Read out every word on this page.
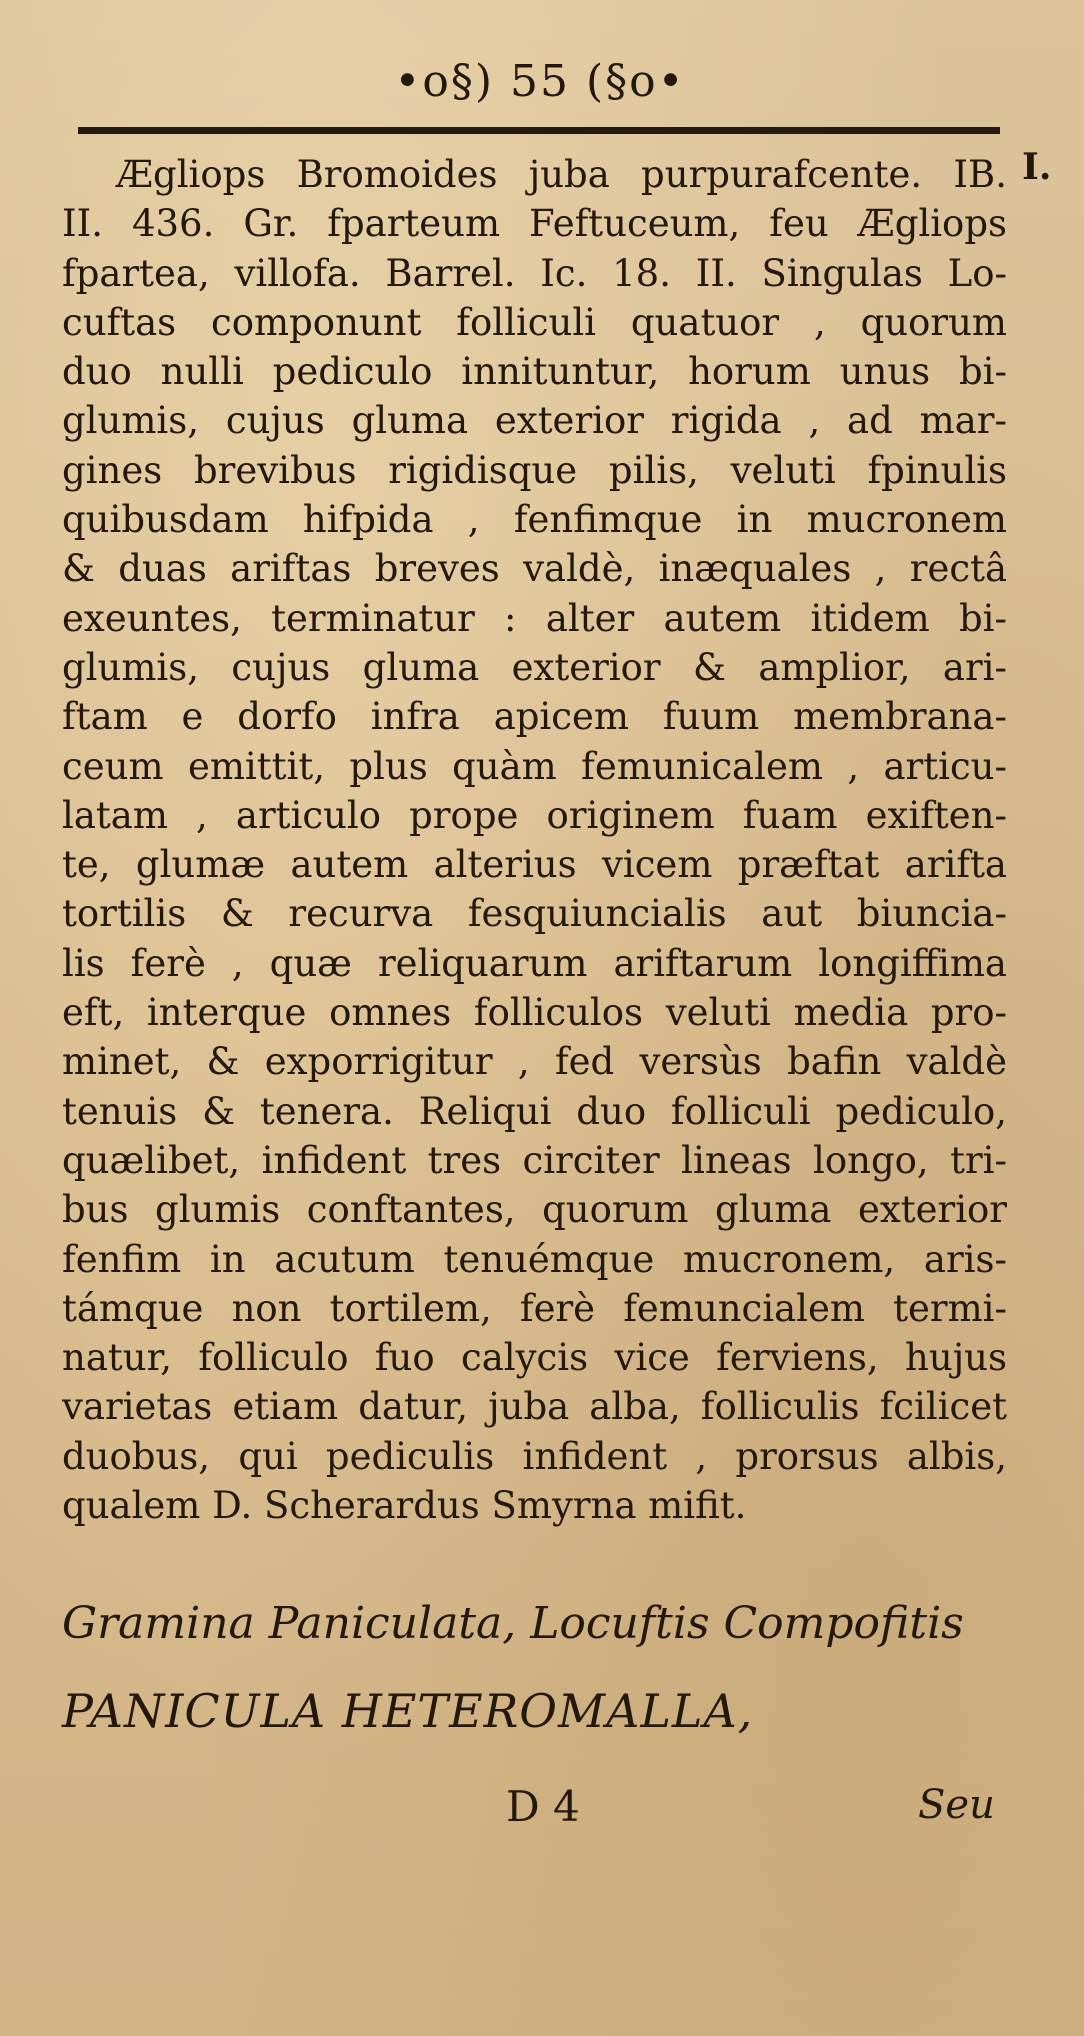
•o§) 55 (§o•
I.
Ægliops Bromoides juba purpurafcente. IB.
II. 436. Gr. fparteum Feftuceum, feu Ægliops
fpartea, villofa. Barrel. Ic. 18. II. Singulas Lo-
cuftas componunt folliculi quatuor , quorum
duo nulli pediculo innituntur, horum unus bi-
glumis, cujus gluma exterior rigida , ad mar-
gines brevibus rigidisque pilis, veluti fpinulis
quibusdam hifpida , fenfimque in mucronem
& duas ariftas breves valdè, inæquales , rectâ
exeuntes, terminatur : alter autem itidem bi-
glumis, cujus gluma exterior & amplior, ari-
ftam e dorfo infra apicem fuum membrana-
ceum emittit, plus quàm femunicalem , articu-
latam , articulo prope originem fuam exiften-
te, glumæ autem alterius vicem præftat arifta
tortilis & recurva fesquiuncialis aut biuncia-
lis ferè , quæ reliquarum ariftarum longiffima
eft, interque omnes folliculos veluti media pro-
minet, & exporrigitur , fed versùs bafin valdè
tenuis & tenera. Reliqui duo folliculi pediculo,
quælibet, infident tres circiter lineas longo, tri-
bus glumis conftantes, quorum gluma exterior
fenfim in acutum tenuémque mucronem, aris-
támque non tortilem, ferè femuncialem termi-
natur, folliculo fuo calycis vice ferviens, hujus
varietas etiam datur, juba alba, folliculis fcilicet
duobus, qui pediculis infident , prorsus albis,
qualem D. Scherardus Smyrna mifit.
Gramina Paniculata, Locuftis Compofitis
PANICULA HETEROMALLA,
D 4	Seu
